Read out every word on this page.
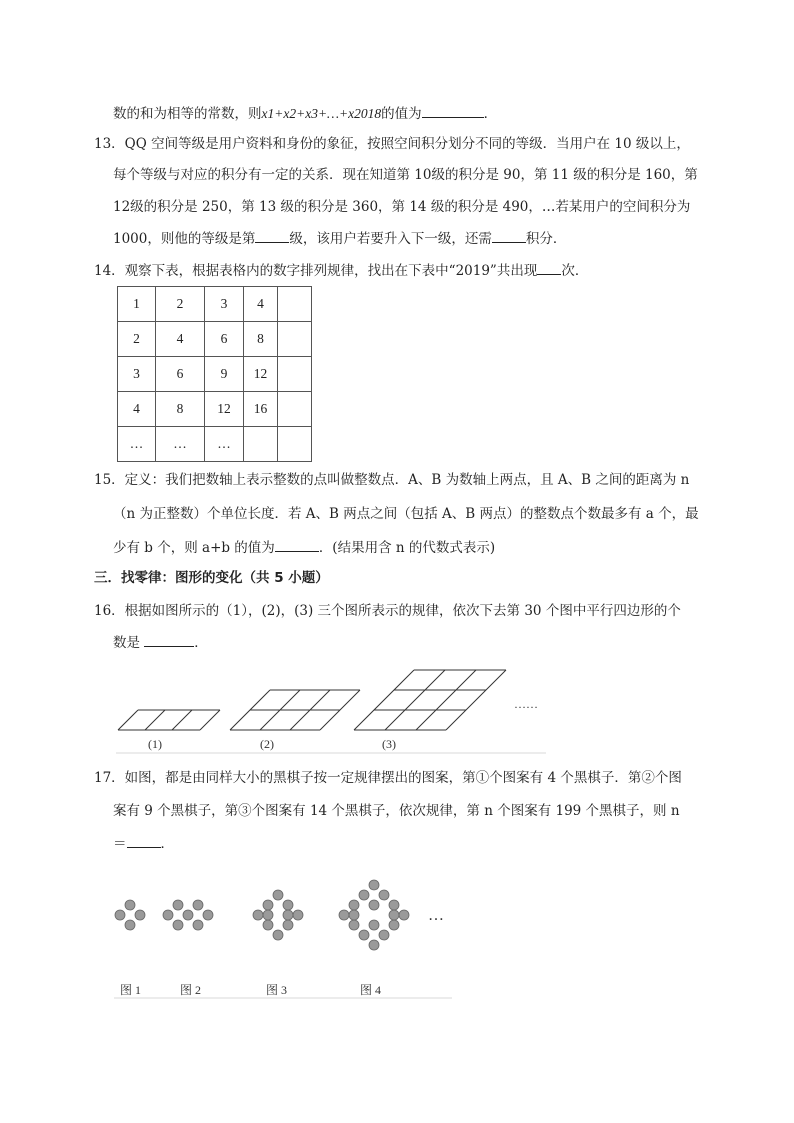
数的和为相等的常数，则x1+x2+x3+…+x2018的值为	．
13．QQ 空间等级是用户资料和身份的象征，按照空间积分划分不同的等级．当用户在 10 级以上，
每个等级与对应的积分有一定的关系．现在知道第 10级的积分是 90，第 11 级的积分是 160，第
12级的积分是 250，第 13 级的积分是 360，第 14 级的积分是 490，…若某用户的空间积分为
1000，则他的等级是第	级，该用户若要升入下一级，还需	积分．
14．观察下表，根据表格内的数字排列规律，找出在下表中“2019”共出现 次．
1	2	3	4	
2	4	6	8	
3	6	9	12	
4	8	12	16	
…	…	…		
15．定义：我们把数轴上表示整数的点叫做整数点．A、B 为数轴上两点，且 A、B 之间的距离为 n
（n 为正整数）个单位长度．若 A、B 两点之间（包括 A、B 两点）的整数点个数最多有 a 个，最
少有 b 个，则 a+b 的值为	．(结果用含 n 的代数式表示)
三．找零律：图形的变化（共 5 小题）
16．根据如图所示的（1），(2)，(3) 三个图所表示的规律，依次下去第 30 个图中平行四边形的个
数是	．
(1)	(2)	(3)
……
17．如图，都是由同样大小的黑棋子按一定规律摆出的图案，第①个图案有 4 个黑棋子．第②个图
案有 9 个黑棋子，第③个图案有 14 个黑棋子，依次规律，第 n 个图案有 199 个黑棋子，则 n
＝	．
图 1	图 2	图 3	图 4
…
